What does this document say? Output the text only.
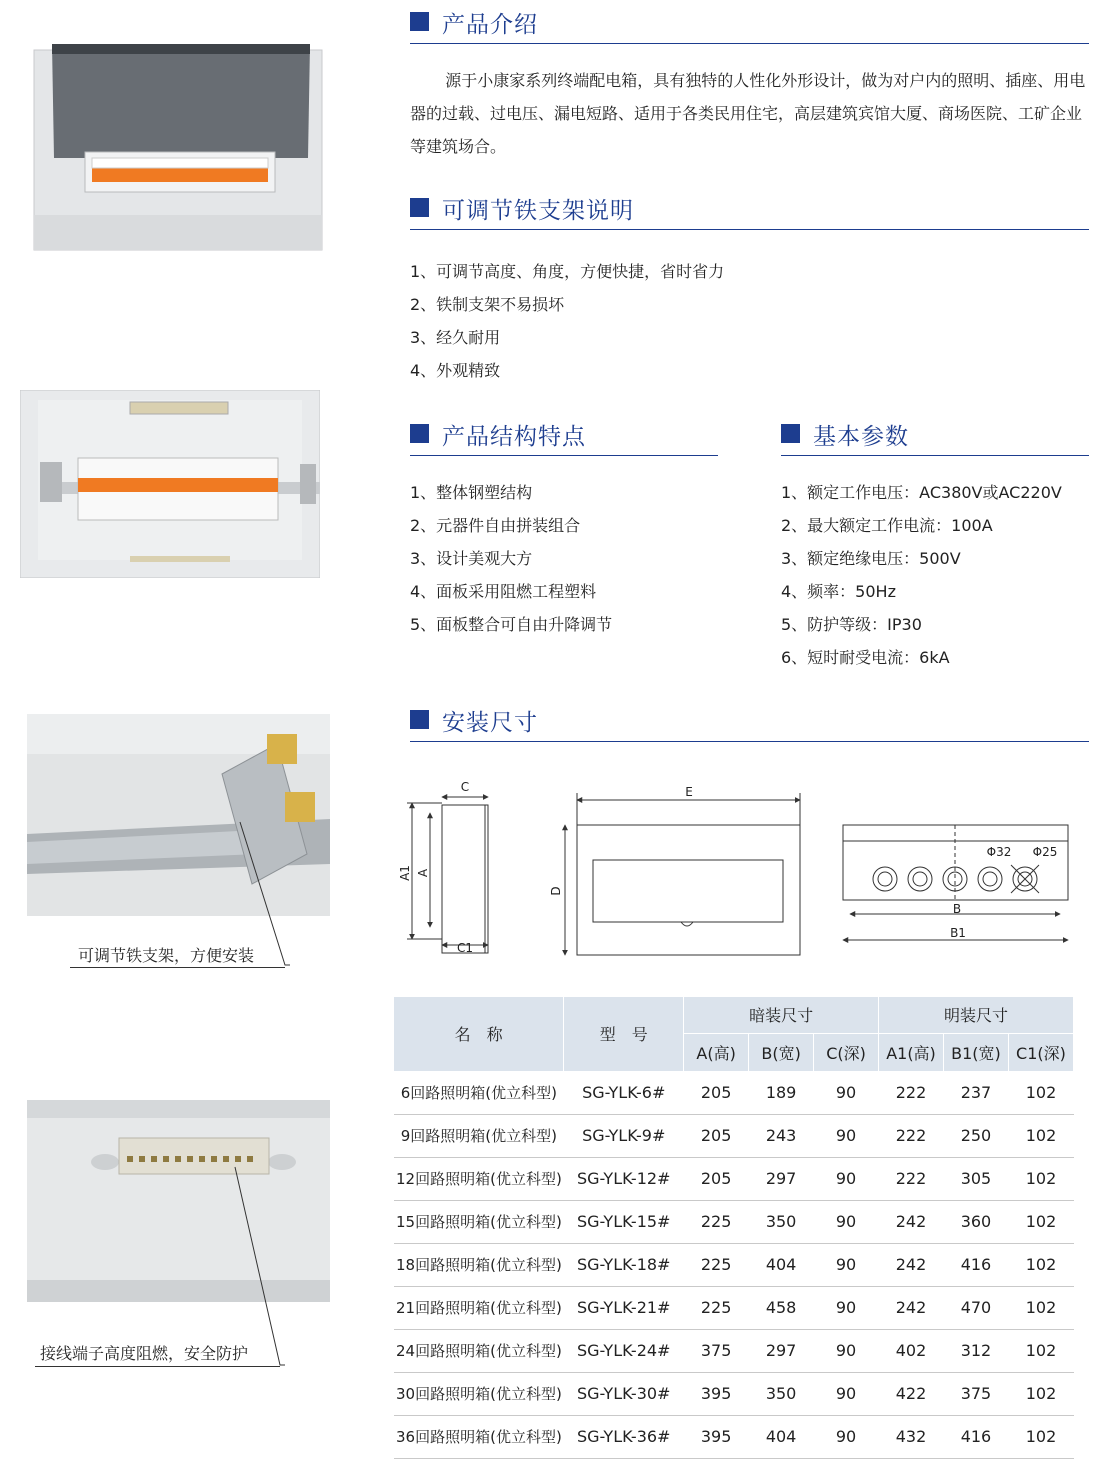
可调节铁支架，方便安装
接线端子高度阻燃，安全防护
产品介绍
源于小康家系列终端配电箱，具有独特的人性化外形设计，做为对户内的照明、插座、用电器的过载、过电压、漏电短路、适用于各类民用住宅，高层建筑宾馆大厦、商场医院、工矿企业等建筑场合。
可调节铁支架说明
1、可调节高度、角度，方便快捷，省时省力
2、铁制支架不易损坏
3、经久耐用
4、外观精致
产品结构特点
1、整体钢塑结构
2、元器件自由拼装组合
3、设计美观大方
4、面板采用阻燃工程塑料
5、面板整合可自由升降调节
基本参数
1、额定工作电压：AC380V或AC220V
2、最大额定工作电流：100A
3、额定绝缘电压：500V
4、频率：50Hz
5、防护等级：IP30
6、短时耐受电流：6kA
安装尺寸
C
A1 A
C1
E
D
Φ32 Φ25
B
B1
名　称	型　号	暗装尺寸			明装尺寸		
		A(高)	B(宽)	C(深)	A1(高)	B1(宽)	C1(深)
6回路照明箱(优立科型)	SG-YLK-6#	205	189	90	222	237	102
9回路照明箱(优立科型)	SG-YLK-9#	205	243	90	222	250	102
12回路照明箱(优立科型)	SG-YLK-12#	205	297	90	222	305	102
15回路照明箱(优立科型)	SG-YLK-15#	225	350	90	242	360	102
18回路照明箱(优立科型)	SG-YLK-18#	225	404	90	242	416	102
21回路照明箱(优立科型)	SG-YLK-21#	225	458	90	242	470	102
24回路照明箱(优立科型)	SG-YLK-24#	375	297	90	402	312	102
30回路照明箱(优立科型)	SG-YLK-30#	395	350	90	422	375	102
36回路照明箱(优立科型)	SG-YLK-36#	395	404	90	432	416	102
